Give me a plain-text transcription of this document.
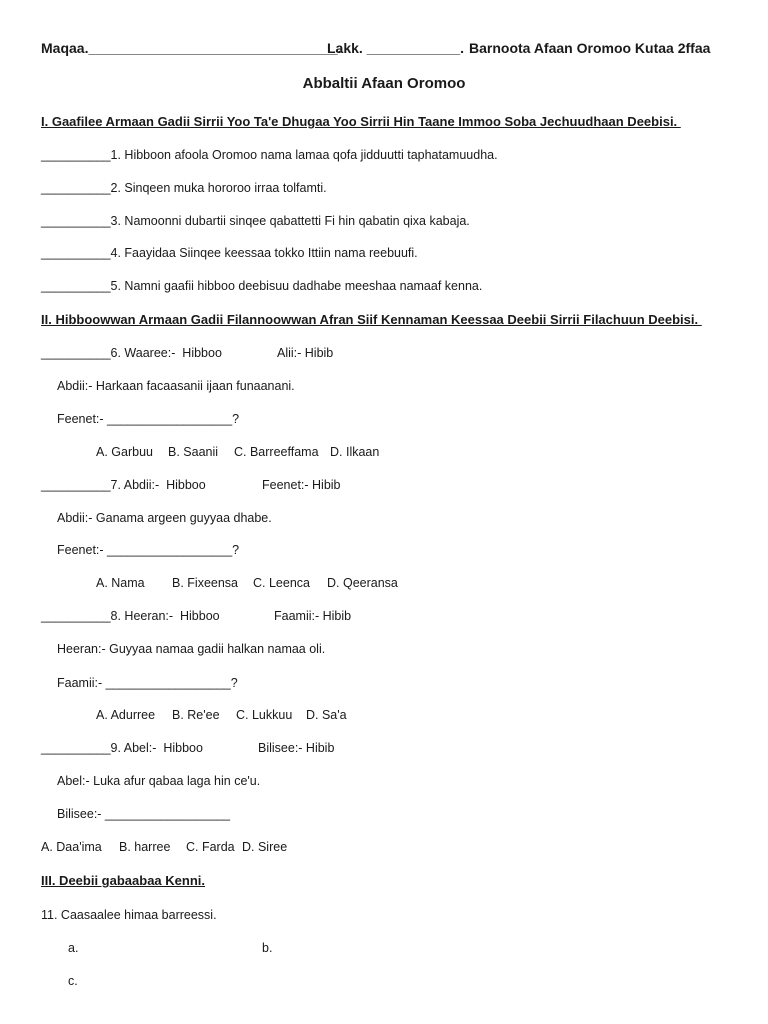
Maqaa.________________________________.
Lakk. ____________. Barnoota Afaan Oromoo Kutaa 2ffaa
Abbaltii Afaan Oromoo
I. Gaafilee Armaan Gadii Sirrii Yoo Ta'e Dhugaa Yoo Sirrii Hin Taane Immoo Soba Jechuudhaan Deebisi.
__________1. Hibboon afoola Oromoo nama lamaa qofa jidduutti taphatamuudha.
__________2. Sinqeen muka hororoo irraa tolfamti.
__________3. Namoonni dubartii sinqee qabattetti Fi hin qabatin qixa kabaja.
__________4. Faayidaa Siinqee keessaa tokko Ittiin nama reebuufi.
__________5. Namni gaafii hibboo deebisuu dadhabe meeshaa namaaf kenna.
II. Hibboowwan Armaan Gadii Filannoowwan Afran Siif Kennaman Keessaa Deebii Sirrii Filachuun Deebisi.
__________6. Waaree:-  Hibboo	Alii:- Hibib
Abdii:- Harkaan facaasanii ijaan funaanani.
Feenet:- __________________?
A. Garbuu B. Saanii C. Barreeffama D. Ilkaan
__________7. Abdii:-  Hibboo	Feenet:- Hibib
Abdii:- Ganama argeen guyyaa dhabe.
Feenet:- __________________?
A. Nama B. Fixeensa C. Leenca D. Qeeransa
__________8. Heeran:-  Hibboo	Faamii:- Hibib
Heeran:- Guyyaa namaa gadii halkan namaa oli.
Faamii:- __________________?
A. Adurree B. Re'ee C. Lukkuu D. Sa'a
__________9. Abel:-  Hibboo	Bilisee:- Hibib
Abel:- Luka afur qabaa laga hin ce'u.
Bilisee:- __________________
A. Daa'ima B. harree C. Farda D. Siree
III. Deebii gabaabaa Kenni.
11. Caasaalee himaa barreessi.
a.	b.
c.
